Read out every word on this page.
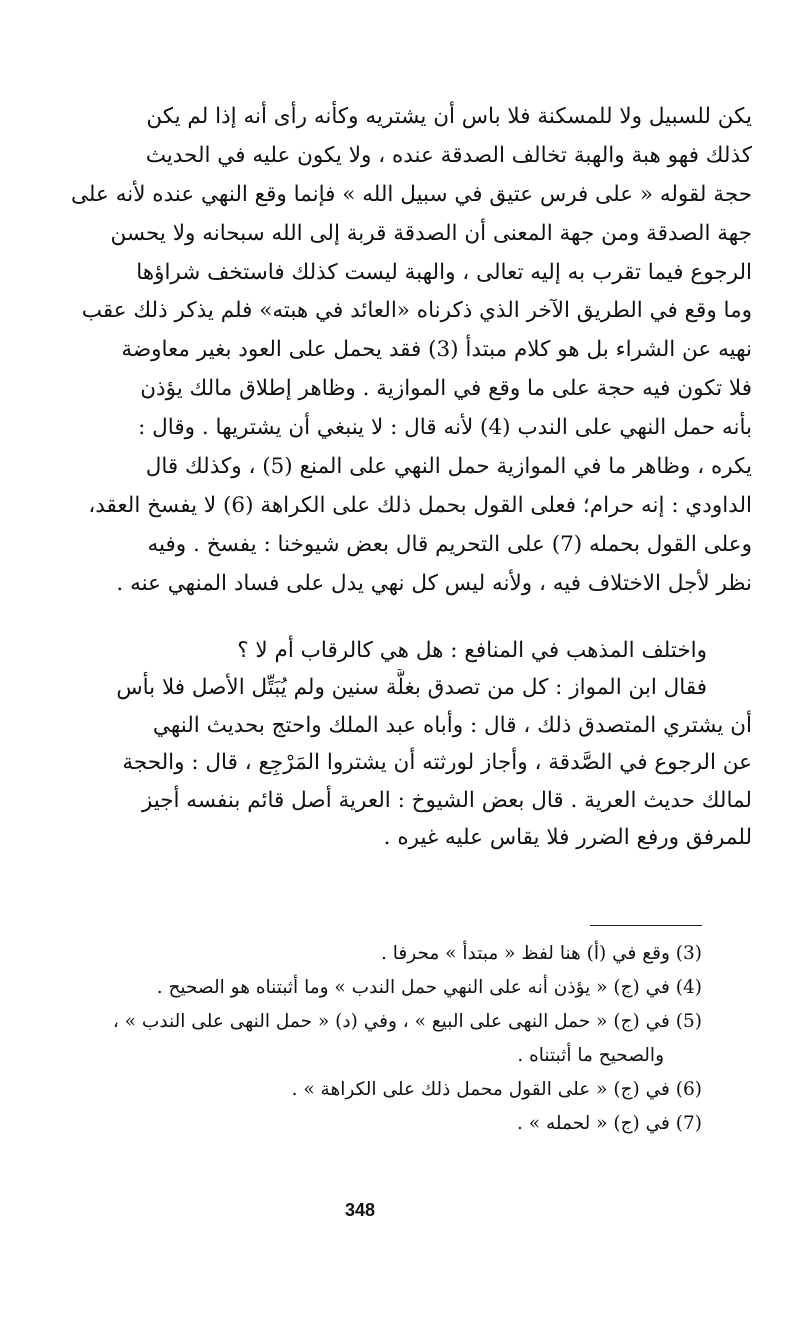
يكن للسبيل ولا للمسكنة فلا باس أن يشتريه وكأنه رأى أنه إذا لم يكن
كذلك فهو هبة والهبة تخالف الصدقة عنده ، ولا يكون عليه في الحديث
حجة لقوله « على فرس عتيق في سبيل الله » فإنما وقع النهي عنده لأنه على
جهة الصدقة ومن جهة المعنى أن الصدقة قربة إلى الله سبحانه ولا يحسن
الرجوع فيما تقرب به إليه تعالى ، والهبة ليست كذلك فاستخف شراؤها
وما وقع في الطريق الآخر الذي ذكرناه «العائد في هبته» فلم يذكر ذلك عقب
نهيه عن الشراء بل هو كلام مبتدأ (3) فقد يحمل على العود بغير معاوضة
فلا تكون فيه حجة على ما وقع في الموازية . وظاهر إطلاق مالك يؤذن
بأنه حمل النهي على الندب (4) لأنه قال : لا ينبغي أن يشتريها . وقال :
يكره ، وظاهر ما في الموازية حمل النهي على المنع (5) ، وكذلك قال
الداودي : إنه حرام؛ فعلى القول بحمل ذلك على الكراهة (6) لا يفسخ العقد،
وعلى القول بحمله (7) على التحريم قال بعض شيوخنا : يفسخ . وفيه
نظر لأجل الاختلاف فيه ، ولأنه ليس كل نهي يدل على فساد المنهي عنه .
واختلف المذهب في المنافع : هل هي كالرقاب أم لا ؟
فقال ابن المواز : كل من تصدق بغلَّة سنين ولم يُبَتِّل الأصل فلا بأس
أن يشتري المتصدق ذلك ، قال : وأباه عبد الملك واحتج بحديث النهي
عن الرجوع في الصَّدقة ، وأجاز لورثته أن يشتروا المَرْجِع ، قال : والحجة
لمالك حديث العرية . قال بعض الشيوخ : العرية أصل قائم بنفسه أجيز
للمرفق ورفع الضرر فلا يقاس عليه غيره .
(3) وقع في (أ) هنا لفظ « مبتدأ » محرفا .
(4) في (ج) « يؤذن أنه على النهي حمل الندب » وما أثبتناه هو الصحيح .
(5) في (ج) « حمل النهى على البيع » ، وفي (د) « حمل النهى على الندب » ،
والصحيح ما أثبتناه .
(6) في (ج) « على القول محمل ذلك على الكراهة » .
(7) في (ج) « لحمله » .
348
